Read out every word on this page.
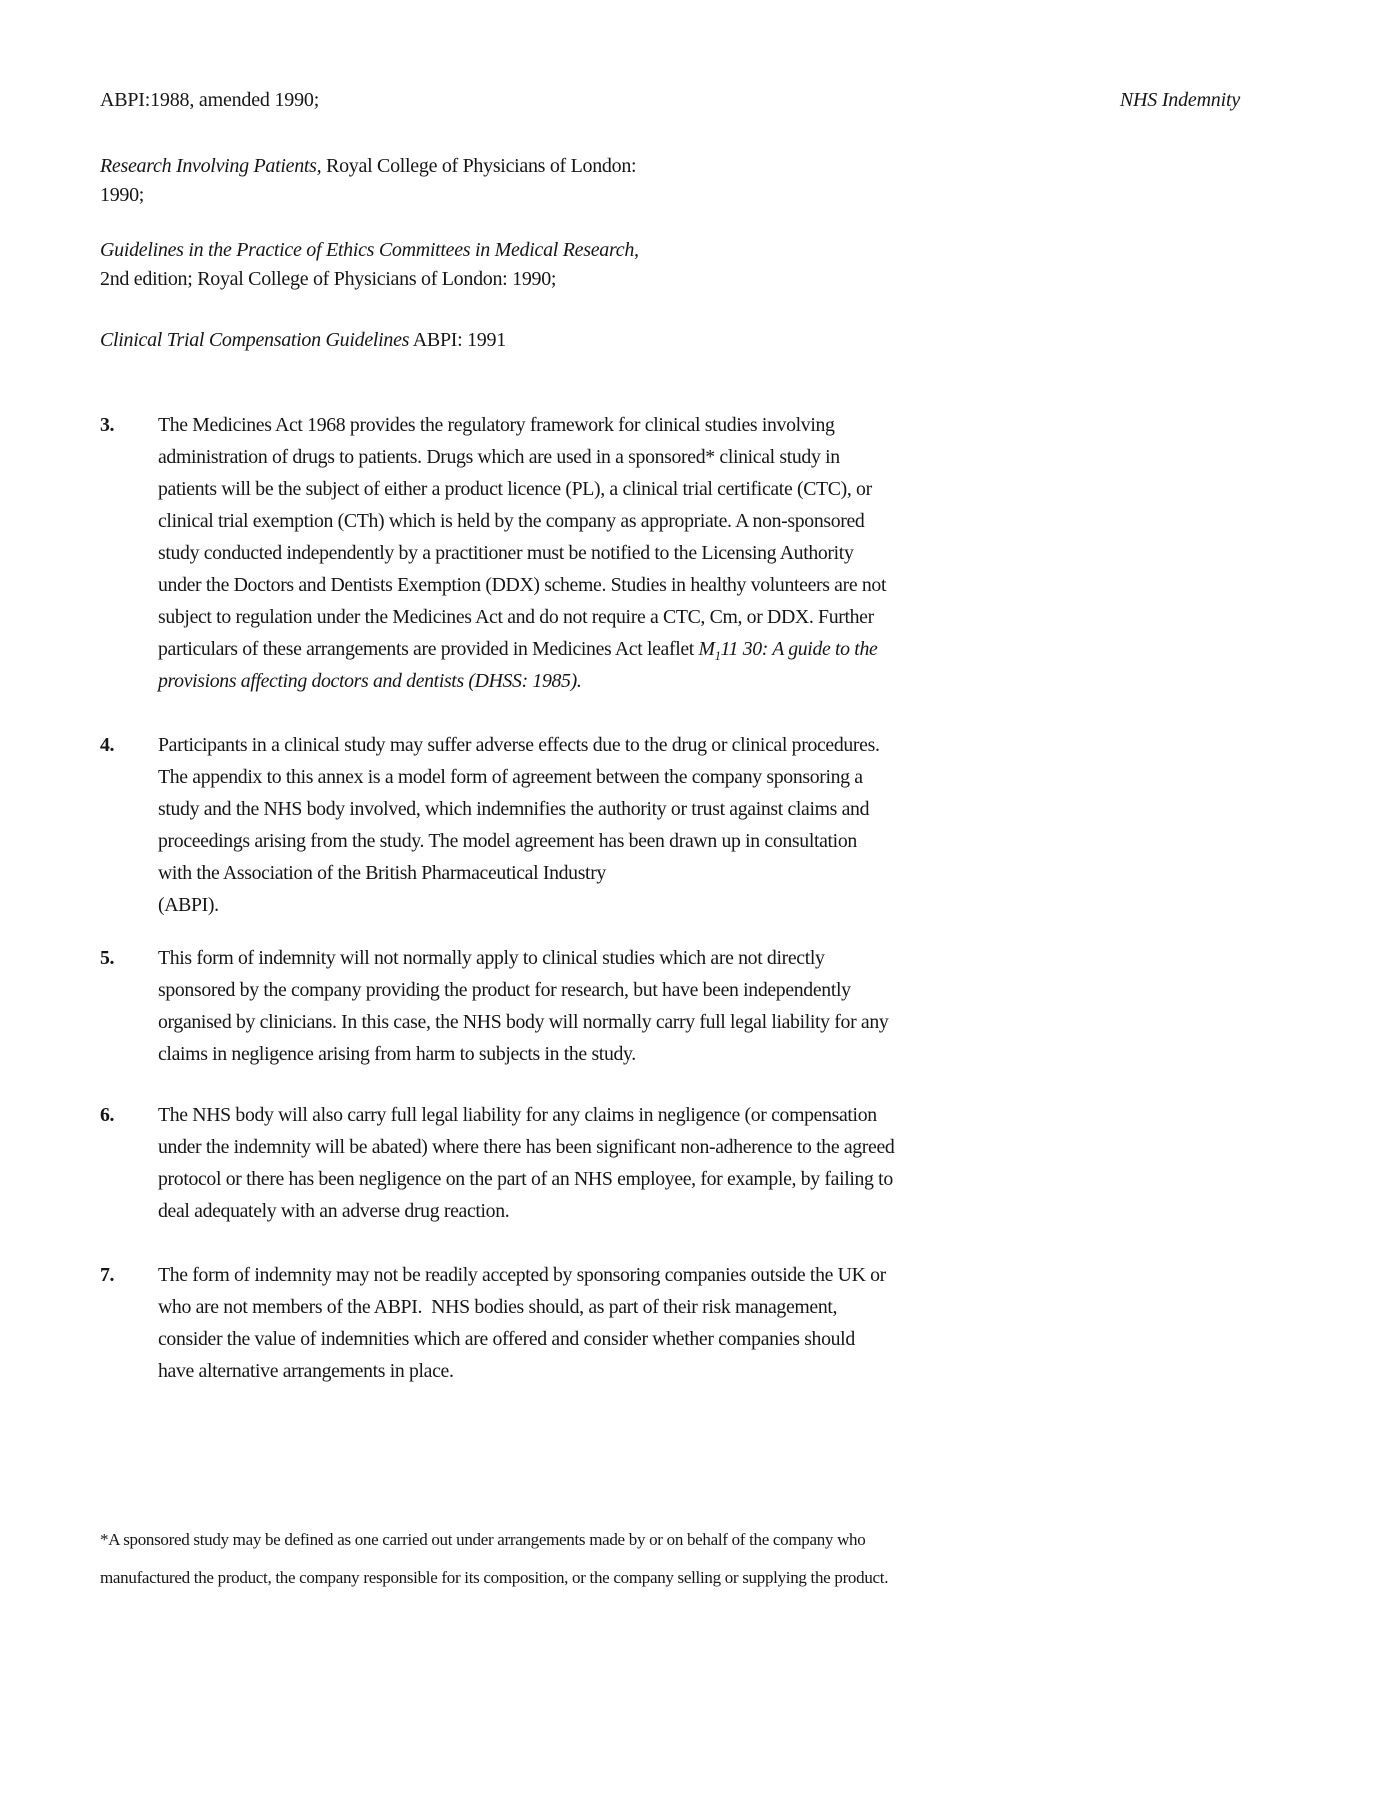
ABPI:1988, amended 1990;	NHS Indemnity
Research Involving Patients, Royal College of Physicians of London:
1990;
Guidelines in the Practice of Ethics Committees in Medical Research,
2nd edition; Royal College of Physicians of London: 1990;
Clinical Trial Compensation Guidelines ABPI: 1991
3.	The Medicines Act 1968 provides the regulatory framework for clinical studies involving
administration of drugs to patients. Drugs which are used in a sponsored* clinical study in
patients will be the subject of either a product licence (PL), a clinical trial certificate (CTC), or
clinical trial exemption (CTh) which is held by the company as appropriate. A non-sponsored
study conducted independently by a practitioner must be notified to the Licensing Authority
under the Doctors and Dentists Exemption (DDX) scheme. Studies in healthy volunteers are not
subject to regulation under the Medicines Act and do not require a CTC, Cm, or DDX. Further
particulars of these arrangements are provided in Medicines Act leaflet $M_111$ 30: A guide to the
provisions affecting doctors and dentists (DHSS: 1985).
4.	Participants in a clinical study may suffer adverse effects due to the drug or clinical procedures.
The appendix to this annex is a model form of agreement between the company sponsoring a
study and the NHS body involved, which indemnifies the authority or trust against claims and
proceedings arising from the study. The model agreement has been drawn up in consultation
with the Association of the British Pharmaceutical Industry
(ABPI).
5.	This form of indemnity will not normally apply to clinical studies which are not directly
sponsored by the company providing the product for research, but have been independently
organised by clinicians. In this case, the NHS body will normally carry full legal liability for any
claims in negligence arising from harm to subjects in the study.
6.	The NHS body will also carry full legal liability for any claims in negligence (or compensation
under the indemnity will be abated) where there has been significant non-adherence to the agreed
protocol or there has been negligence on the part of an NHS employee, for example, by failing to
deal adequately with an adverse drug reaction.
7.	The form of indemnity may not be readily accepted by sponsoring companies outside the UK or
who are not members of the ABPI.  NHS bodies should, as part of their risk management,
consider the value of indemnities which are offered and consider whether companies should
have alternative arrangements in place.
*A sponsored study may be defined as one carried out under arrangements made by or on behalf of the company who
manufactured the product, the company responsible for its composition, or the company selling or supplying the product.
